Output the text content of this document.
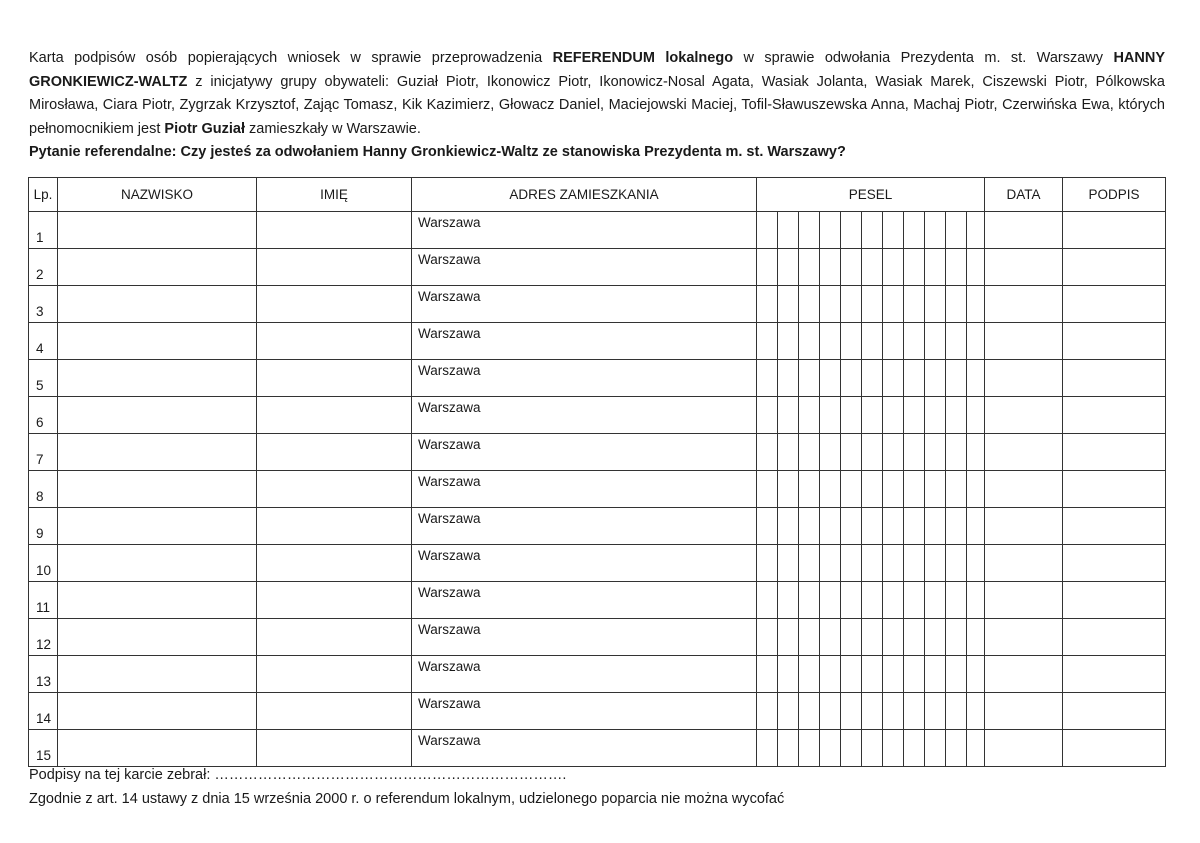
Karta podpisów osób popierających wniosek w sprawie przeprowadzenia REFERENDUM lokalnego w sprawie odwołania Prezydenta m. st. Warszawy HANNY GRONKIEWICZ-WALTZ z inicjatywy grupy obywateli: Guział Piotr, Ikonowicz Piotr, Ikonowicz-Nosal Agata, Wasiak Jolanta, Wasiak Marek, Ciszewski Piotr, Pólkowska Mirosława, Ciara Piotr, Zygrzak Krzysztof, Zając Tomasz, Kik Kazimierz, Głowacz Daniel, Maciejowski Maciej, Tofil-Sławuszewska Anna, Machaj Piotr, Czerwińska Ewa, których pełnomocnikiem jest Piotr Guział zamieszkały w Warszawie.
Pytanie referendalne: Czy jesteś za odwołaniem Hanny Gronkiewicz-Waltz ze stanowiska Prezydenta m. st. Warszawy?
Lp.	NAZWISKO	IMIĘ	ADRES ZAMIESZKANIA	PESEL											DATA	PODPIS
1			Warszawa													
2			Warszawa													
3			Warszawa													
4			Warszawa													
5			Warszawa													
6			Warszawa													
7			Warszawa													
8			Warszawa													
9			Warszawa													
10			Warszawa													
11			Warszawa													
12			Warszawa													
13			Warszawa													
14			Warszawa													
15			Warszawa													
Podpisy na tej karcie zebrał: ……………………………………………………………….
Zgodnie z art. 14 ustawy z dnia 15 września 2000 r. o referendum lokalnym, udzielonego poparcia nie można wycofać
